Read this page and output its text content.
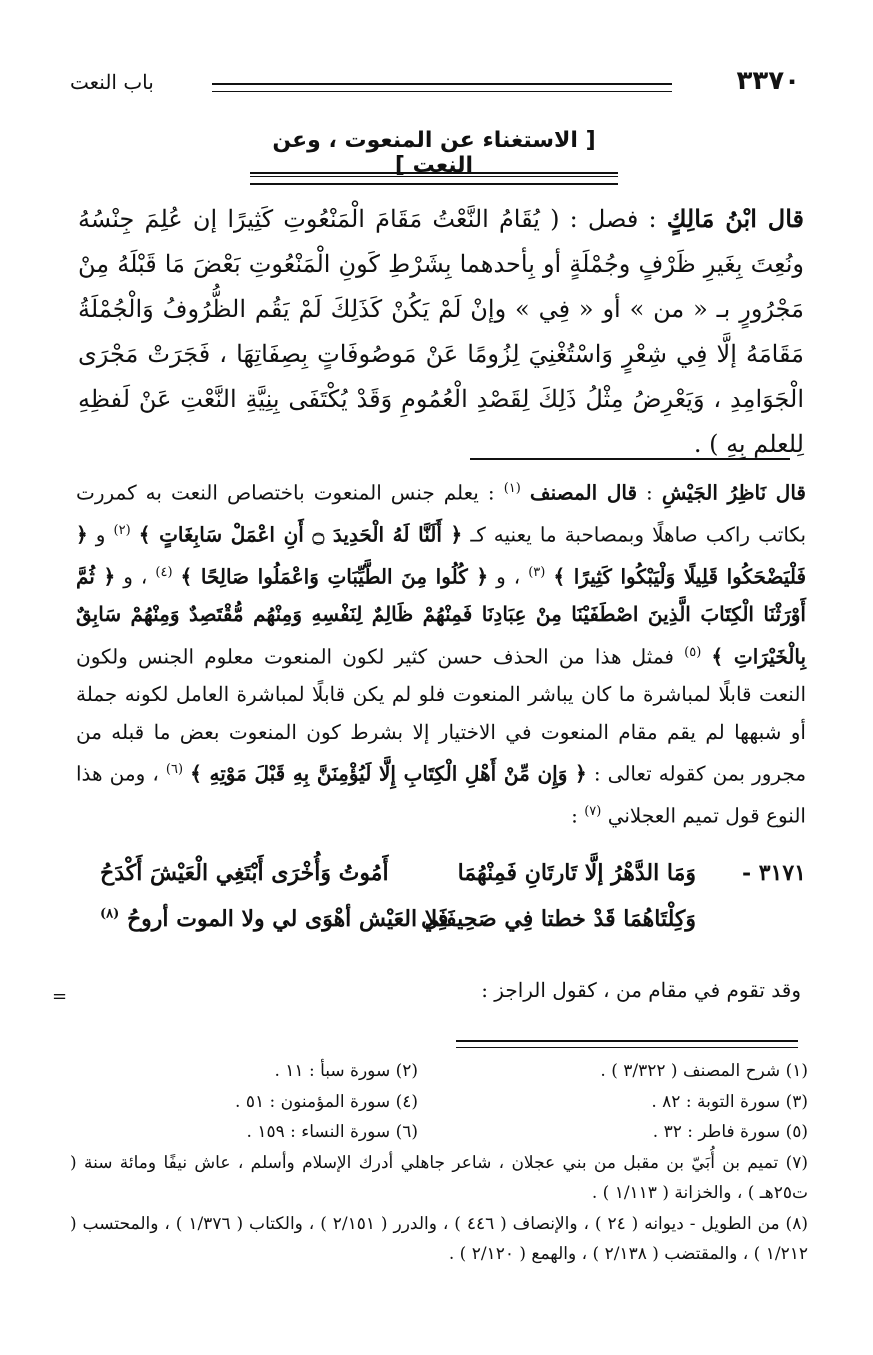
٣٣٧٠
باب النعت
[ الاستغناء عن المنعوت ، وعن النعت ]

قال ابْنُ مَالِكٍ : فصل : ( يُقَامُ النَّعْتُ مَقَامَ الْمَنْعُوتِ كَثِيرًا إن عُلِمَ جِنْسُهُ ونُعِتَ بِغَيرِ ظَرْفٍ وجُمْلَةٍ أو بِأحدهما بِشَرْطِ كَونِ الْمَنْعُوتِ بَعْضَ مَا قَبْلَهُ مِنْ مَجْرُورٍ بـ « من » أو « فِي » وإنْ لَمْ يَكُنْ كَذَلِكَ لَمْ يَقُم الظُّرُوفُ وَالْجُمْلَةُ مَقَامَهُ إلَّا فِي شِعْرٍ وَاسْتُغْنِيَ لِزُومًا عَنْ مَوصُوفَاتٍ بِصِفَاتِهَا ، فَجَرَتْ مَجْرَى الْجَوَامِدِ ، وَيَعْرِضُ مِثْلُ ذَلِكَ لِقَصْدِ الْعُمُومِ وَقَدْ يُكْتَفَى بِنِيَّةِ النَّعْتِ عَنْ لَفظِهِ لِلعلم بِهِ ) .

قال نَاظِرُ الجَيْشِ : قال المصنف $^{(١)}$ : يعلم جنس المنعوت باختصاص النعت به كمررت بكاتب راكب صاهلًا وبمصاحبة ما يعنيه كـ ﴿ أَلَنَّا لَهُ الْحَدِيدَ ۝ أَنِ اعْمَلْ سَابِغَاتٍ ﴾ $^{(٢)}$ و ﴿ فَلْيَضْحَكُوا قَلِيلًا وَلْيَبْكُوا كَثِيرًا ﴾ $^{(٣)}$ ، و ﴿ كُلُوا مِنَ الطَّيِّبَاتِ وَاعْمَلُوا صَالِحًا ﴾ $^{(٤)}$ ، و ﴿ ثُمَّ أَوْرَثْنَا الْكِتَابَ الَّذِينَ اصْطَفَيْنَا مِنْ عِبَادِنَا فَمِنْهُمْ ظَالِمٌ لِنَفْسِهِ وَمِنْهُم مُّقْتَصِدٌ وَمِنْهُمْ سَابِقٌ بِالْخَيْرَاتِ ﴾ $^{(٥)}$ فمثل هذا من الحذف حسن كثير لكون المنعوت معلوم الجنس ولكون النعت قابلًا لمباشرة ما كان يباشر المنعوت فلو لم يكن قابلًا لمباشرة العامل لكونه جملة أو شبهها لم يقم مقام المنعوت في الاختيار إلا بشرط كون المنعوت بعض ما قبله من مجرور بمن كقوله تعالى : ﴿ وَإِن مِّنْ أَهْلِ الْكِتَابِ إِلَّا لَيُؤْمِنَنَّ بِهِ قَبْلَ مَوْتِهِ ﴾ $^{(٦)}$ ، ومن هذا النوع قول تميم العجلاني $^{(٧)}$ :

٣١٧١ -
وَمَا الدَّهْرُ إلَّا تَارتَانِ فَمِنْهُمَا
أَمُوتُ وَأُخْرَى أَبْتَغِي الْعَيْشَ أَكْدَحُ
وَكِلْتَاهُمَا قَدْ خطتا فِي صَحِيفَتِي
فَلا العَيْش أهْوَى لي ولا الموت أروحُ $^{(٨)}$
وقد تقوم في مقام من ، كقول الراجز :
=
(١) شرح المصنف ( ٣/٣٢٢ ) .
(٢) سورة سبأ : ١١ .
(٣) سورة التوبة : ٨٢ .
(٤) سورة المؤمنون : ٥١ .
(٥) سورة فاطر : ٣٢ .
(٦) سورة النساء : ١٥٩ .
(٧) تميم بن أُبَيّ بن مقبل من بني عجلان ، شاعر جاهلي أدرك الإسلام وأسلم ، عاش نيفًا ومائة سنة ( ت٢٥هـ ) ، والخزانة ( ١/١١٣ ) .
(٨) من الطويل - ديوانه ( ٢٤ ) ، والإنصاف ( ٤٤٦ ) ، والدرر ( ٢/١٥١ ) ، والكتاب ( ١/٣٧٦ ) ، والمحتسب ( ١/٢١٢ ) ، والمقتضب ( ٢/١٣٨ ) ، والهمع ( ٢/١٢٠ ) .
